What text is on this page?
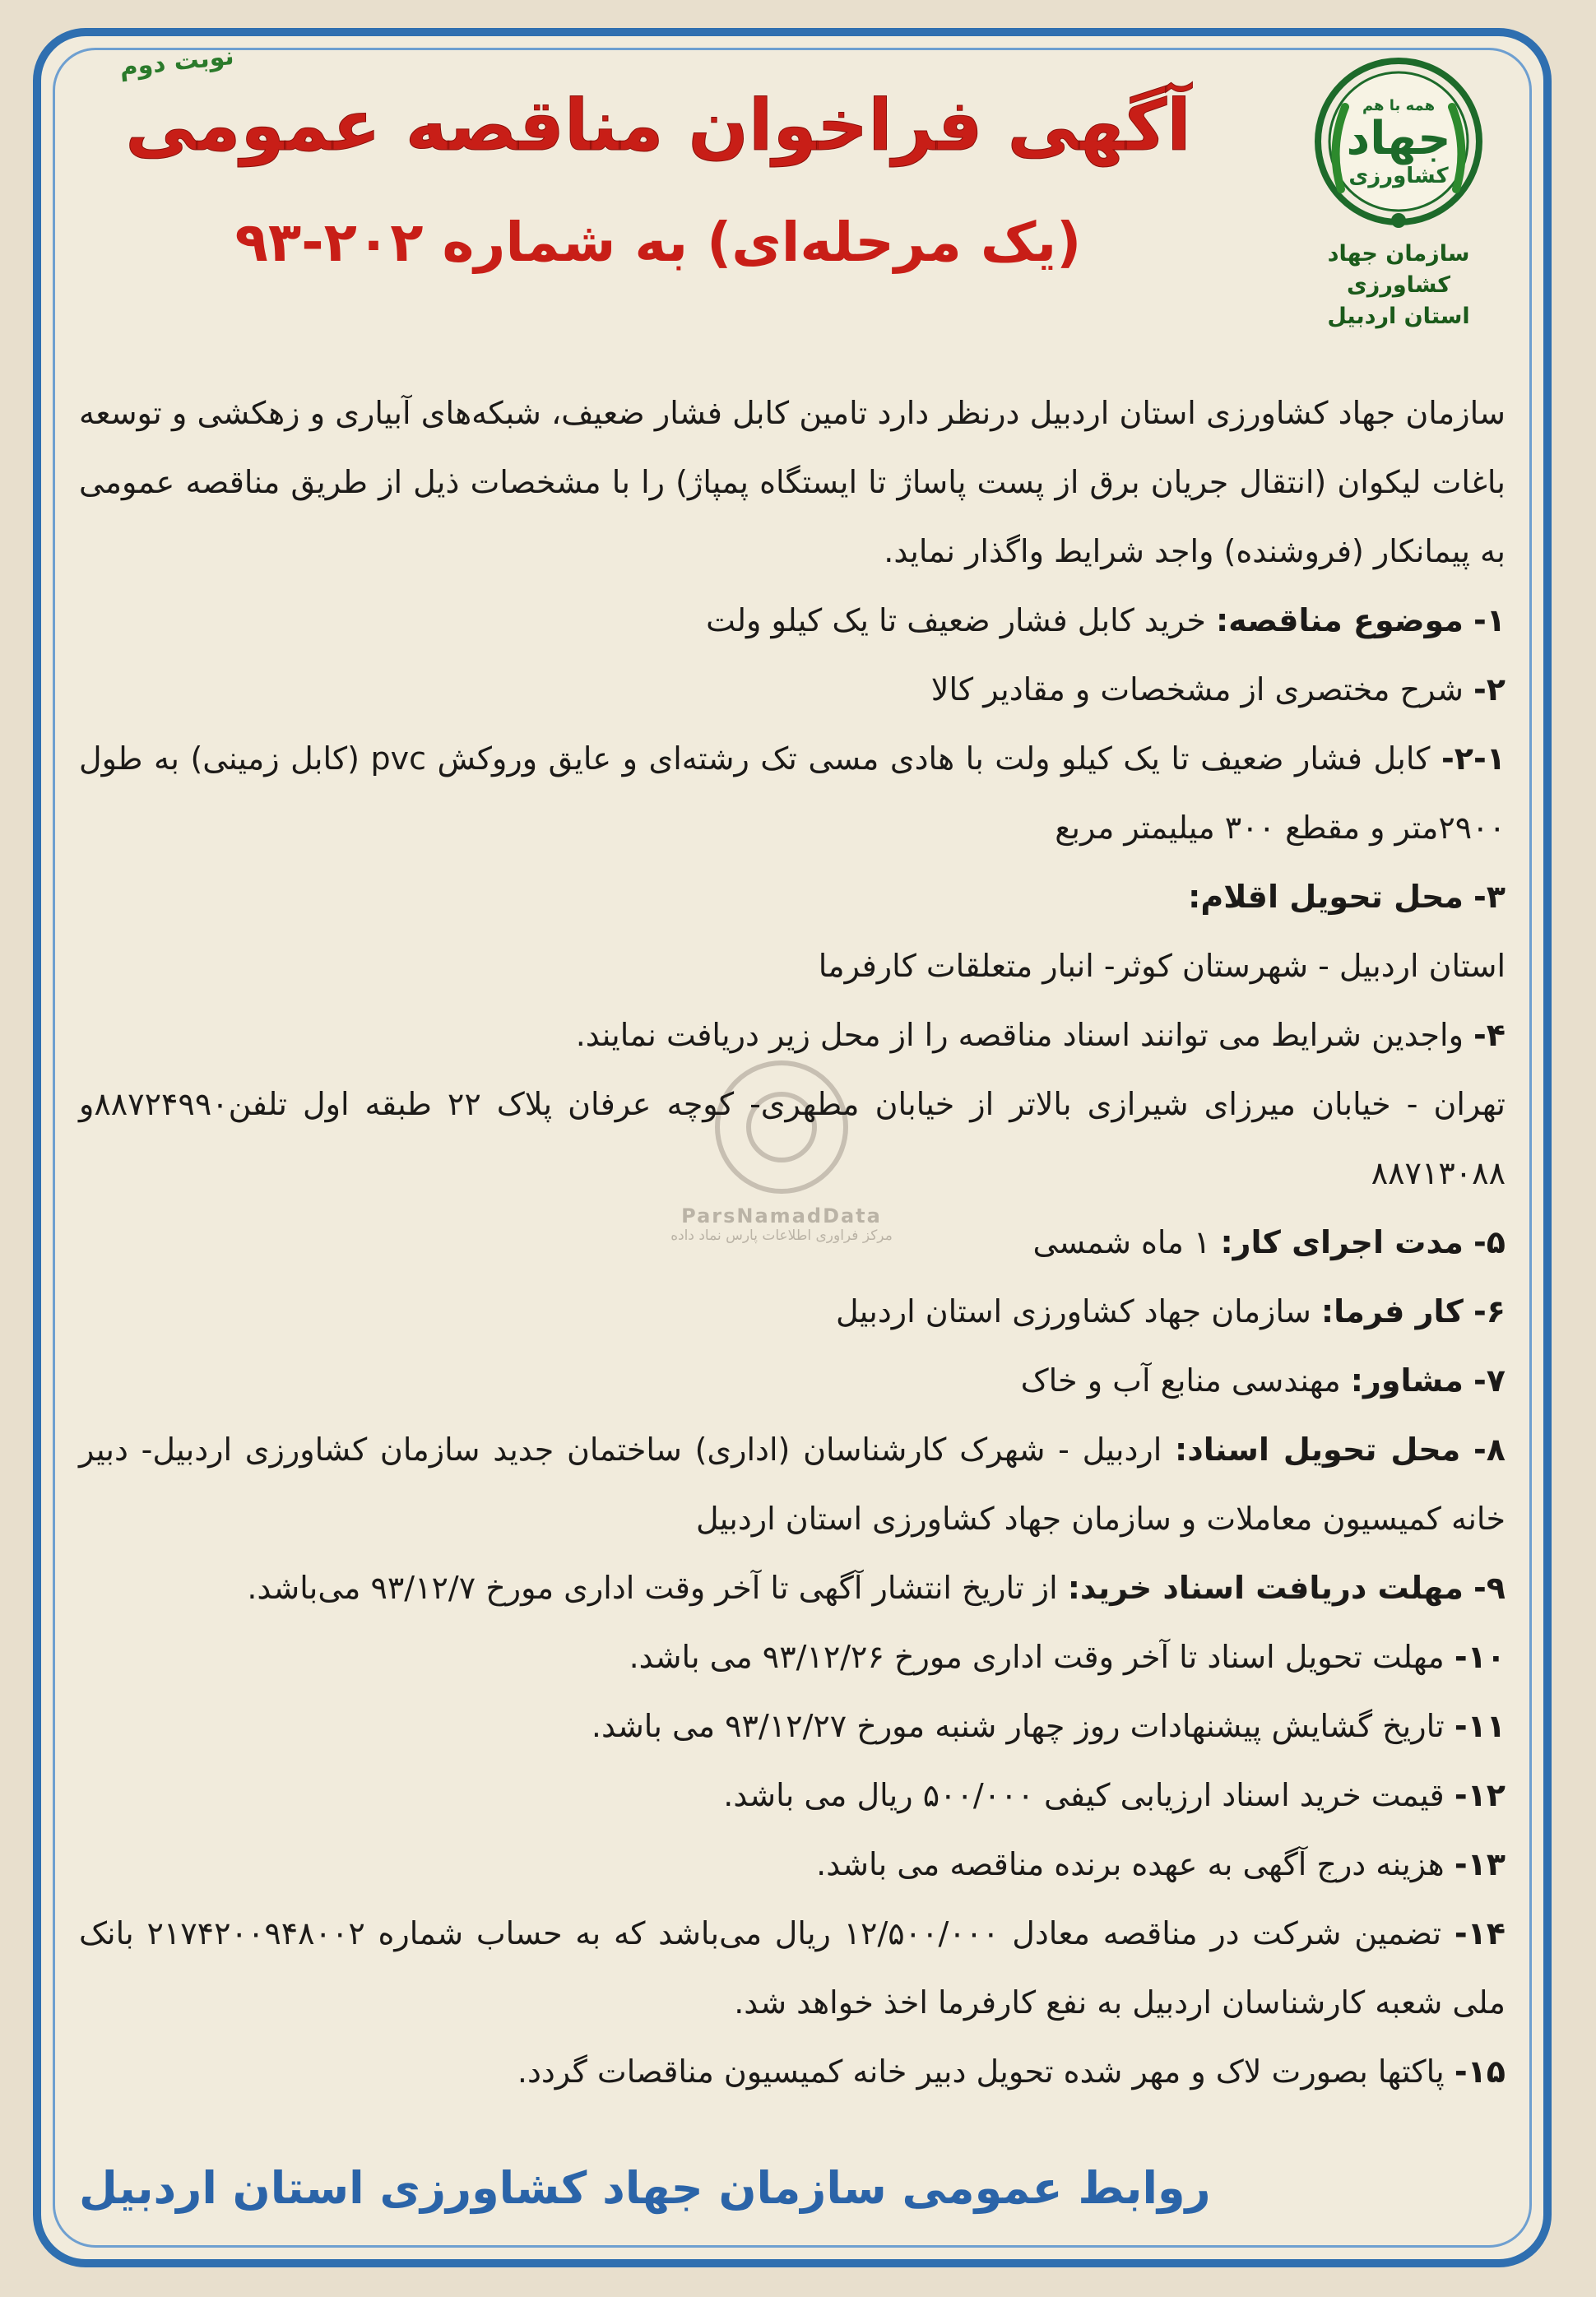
همه با هم
جهاد
کشاورزی
سازمان جهاد کشاورزی
استان اردبیل
نوبت دوم
آگهی فراخوان مناقصه عمومی
(یک مرحله‌ای) به شماره ۲۰۲-۹۳
ParsNamadData
مرکز فراوری اطلاعات پارس نماد داده

سازمان جهاد کشاورزی استان اردبیل درنظر دارد تامین کابل فشار ضعیف، شبکه‌های آبیاری و زهکشی و توسعه باغات لیکوان (انتقال جریان برق از پست پاساژ تا ایستگاه پمپاژ) را با مشخصات ذیل از طریق مناقصه عمومی به پیمانکار (فروشنده) واجد شرایط واگذار نماید.

۱- موضوع مناقصه: خرید کابل فشار ضعیف تا یک کیلو ولت

۲- شرح مختصری از مشخصات و مقادیر کالا

۲-۱- کابل فشار ضعیف تا یک کیلو ولت با هادی مسی تک رشته‌ای و عایق وروکش pvc (کابل زمینی) به طول ۲۹۰۰متر و مقطع ۳۰۰ میلیمتر مربع

۳- محل تحویل اقلام:

استان اردبیل - شهرستان کوثر- انبار متعلقات کارفرما

۴- واجدین شرایط می توانند اسناد مناقصه را از محل زیر دریافت نمایند.

تهران - خیابان میرزای شیرازی بالاتر از خیابان مطهری- کوچه عرفان پلاک ۲۲ طبقه اول تلفن۸۸۷۲۴۹۹۰و ۸۸۷۱۳۰۸۸

۵- مدت اجرای کار: ۱ ماه شمسی

۶- کار فرما: سازمان جهاد کشاورزی استان اردبیل

۷- مشاور: مهندسی منابع آب و خاک

۸- محل تحویل اسناد: اردبیل - شهرک کارشناسان (اداری) ساختمان جدید سازمان کشاورزی اردبیل- دبیر خانه کمیسیون معاملات و سازمان جهاد کشاورزی استان اردبیل

۹- مهلت دریافت اسناد خرید: از تاریخ انتشار آگهی تا آخر وقت اداری مورخ ۹۳/۱۲/۷ می‌باشد.

۱۰- مهلت تحویل اسناد تا آخر وقت اداری مورخ ۹۳/۱۲/۲۶ می باشد.

۱۱- تاریخ گشایش پیشنهادات روز چهار شنبه مورخ ۹۳/۱۲/۲۷ می باشد.

۱۲- قیمت خرید اسناد ارزیابی کیفی ۵۰۰/۰۰۰ ریال می باشد.

۱۳- هزینه درج آگهی به عهده برنده مناقصه می باشد.

۱۴- تضمین شرکت در مناقصه معادل ۱۲/۵۰۰/۰۰۰ ریال می‌باشد که به حساب شماره ۲۱۷۴۲۰۰۹۴۸۰۰۲ بانک ملی شعبه کارشناسان اردبیل به نفع کارفرما اخذ خواهد شد.

۱۵- پاکتها بصورت لاک و مهر شده تحویل دبیر خانه کمیسیون مناقصات گردد.

روابط عمومی سازمان جهاد کشاورزی استان اردبیل
